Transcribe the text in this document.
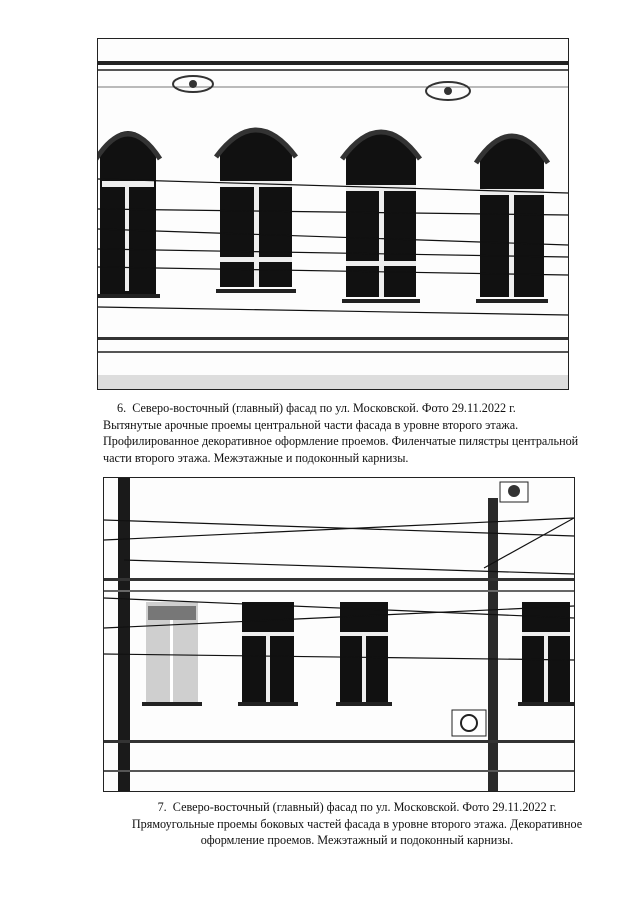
6. Северо-восточный (главный) фасад по ул. Московской. Фото 29.11.2022 г.
Вытянутые арочные проемы центральной части фасада в уровне второго этажа.
Профилированное декоративное оформление проемов. Филенчатые пилястры центральной
части второго этажа. Межэтажные и подоконный карнизы.
7. Северо-восточный (главный) фасад по ул. Московской. Фото 29.11.2022 г.
Прямоугольные проемы боковых частей фасада в уровне второго этажа. Декоративное
оформление проемов. Межэтажный и подоконный карнизы.
